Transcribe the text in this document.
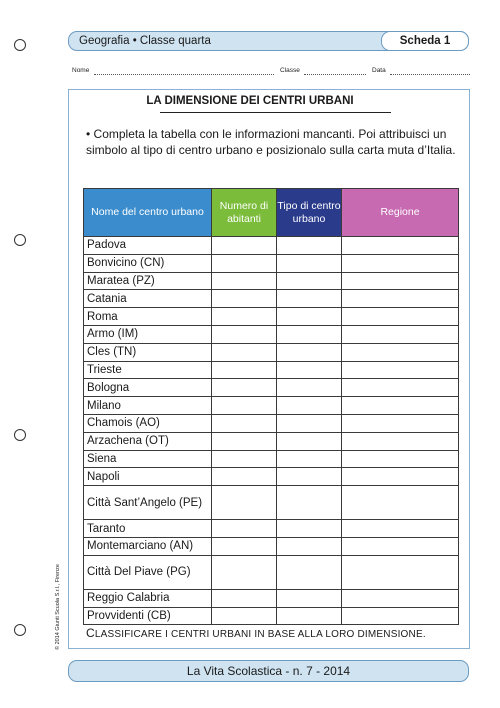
Geografia • Classe quarta	Scheda 1
Nome	Classe	Data
LA DIMENSIONE DEI CENTRI URBANI
• Completa la tabella con le informazioni mancanti. Poi attribuisci un simbolo al tipo di centro urbano e posizionalo sulla carta muta d’Italia.
Nome del centro urbano	Numero di abitanti	Tipo di centro urbano	Regione
Padova			
Bonvicino (CN)			
Maratea (PZ)			
Catania			
Roma			
Armo (IM)			
Cles (TN)			
Trieste			
Bologna			
Milano			
Chamois (AO)			
Arzachena (OT)			
Siena			
Napoli			
Città Sant’Angelo (PE)			
Taranto			
Montemarciano (AN)			
Città Del Piave (PG)			
Reggio Calabria			
Provvidenti (CB)			
CLASSIFICARE I CENTRI URBANI IN BASE ALLA LORO DIMENSIONE.
© 2014 Giunti Scuola S.r.l., Firenze
La Vita Scolastica - n. 7 - 2014
